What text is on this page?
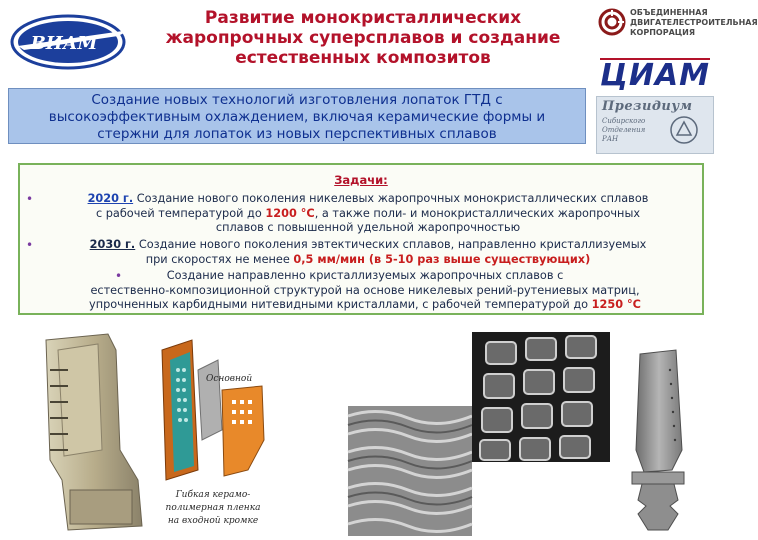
ВИАМ
Развитие монокристаллических
жаропрочных суперсплавов и создание
естественных композитов
ОБЪЕДИНЕННАЯ
ДВИГАТЕЛЕСТРОИТЕЛЬНАЯ
КОРПОРАЦИЯ
ЦИАМ
Президиум
Сибирского
Отделения
РАН
Создание новых технологий изготовления лопаток ГТД с
высокоэффективным охлаждением, включая керамические формы и
стержни для лопаток из новых перспективных сплавов
Задачи:
•	2020 г. Создание нового поколения никелевых жаропрочных монокристаллических сплавов
с рабочей температурой до 1200 °С, а также поли- и монокристаллических жаропрочных
сплавов с повышенной удельной жаропрочностью
•	2030 г. Создание нового поколения эвтектических сплавов, направленно кристаллизуемых
при скоростях не менее 0,5 мм/мин (в 5-10 раз выше существующих)
•	Создание направленно кристаллизуемых жаропрочных сплавов с
естественно-композиционной структурой на основе никелевых рений-рутениевых матриц,
упрочненных карбидными нитевидными кристаллами, с рабочей температурой до 1250 °С
Основной
Гибкая керамо-
полимерная пленка
на входной кромке
